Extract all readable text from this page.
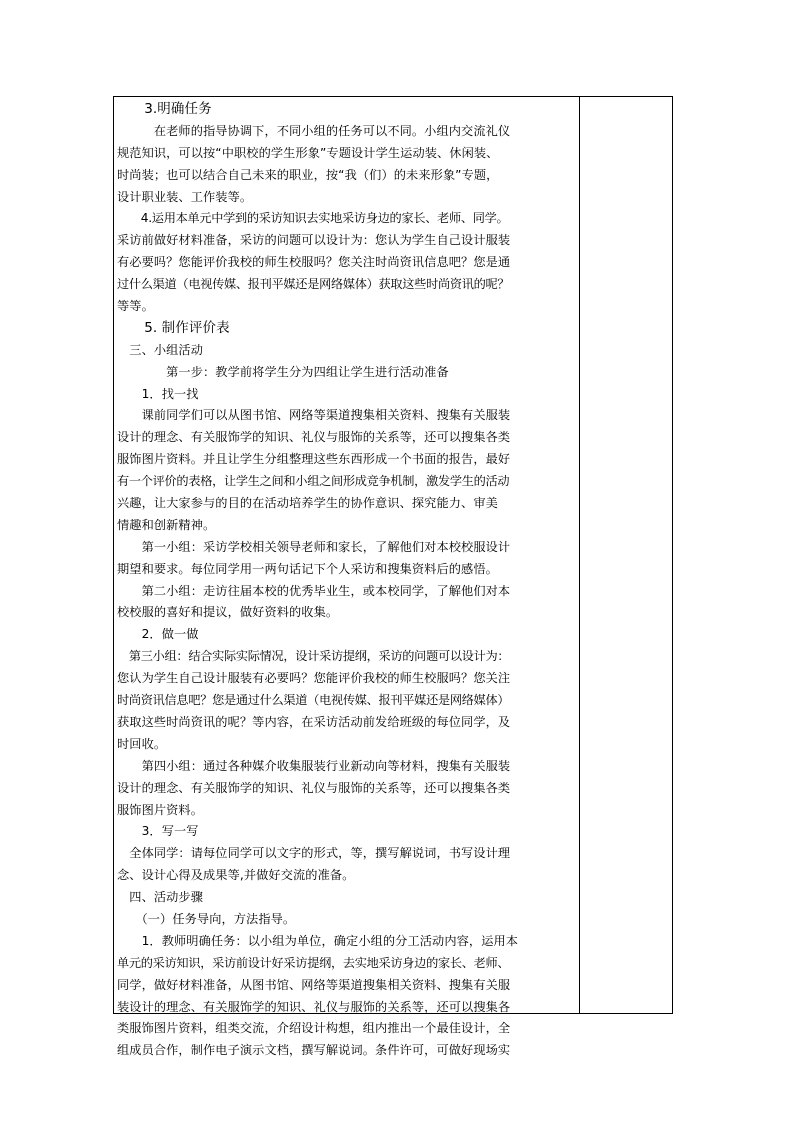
　　3.明确任务
　　　在老师的指导协调下，不同小组的任务可以不同。小组内交流礼仪
规范知识，可以按“中职校的学生形象”专题设计学生运动装、休闲装、
时尚装；也可以结合自己未来的职业，按“我（们）的未来形象”专题，
设计职业装、工作装等。
　　4.运用本单元中学到的采访知识去实地采访身边的家长、老师、同学。
采访前做好材料准备，采访的问题可以设计为：您认为学生自己设计服装
有必要吗？您能评价我校的师生校服吗？您关注时尚资讯信息吧？您是通
过什么渠道（电视传媒、报刊平媒还是网络媒体）获取这些时尚资讯的呢？
等等。
　　5. 制作评价表
　三、小组活动
　　　　第一步：教学前将学生分为四组让学生进行活动准备
　　1．找一找
　　课前同学们可以从图书馆、网络等渠道搜集相关资料、搜集有关服装
设计的理念、有关服饰学的知识、礼仪与服饰的关系等，还可以搜集各类
服饰图片资料。并且让学生分组整理这些东西形成一个书面的报告，最好
有一个评价的表格，让学生之间和小组之间形成竞争机制，激发学生的活动
兴趣，让大家参与的目的在活动培养学生的协作意识、探究能力、审美
情趣和创新精神。
　　第一小组：采访学校相关领导老师和家长，了解他们对本校校服设计
期望和要求。每位同学用一两句话记下个人采访和搜集资料后的感悟。
　　第二小组：走访往届本校的优秀毕业生，或本校同学，了解他们对本
校校服的喜好和提议，做好资料的收集。
　　2．做一做
　第三小组：结合实际实际情况，设计采访提纲，采访的问题可以设计为：
您认为学生自己设计服装有必要吗？您能评价我校的师生校服吗？您关注
时尚资讯信息吧？您是通过什么渠道（电视传媒、报刊平媒还是网络媒体）
获取这些时尚资讯的呢？等内容，在采访活动前发给班级的每位同学，及
时回收。
　　第四小组：通过各种媒介收集服装行业新动向等材料，搜集有关服装
设计的理念、有关服饰学的知识、礼仪与服饰的关系等，还可以搜集各类
服饰图片资料。
　　3．写一写
　全体同学：请每位同学可以文字的形式，等，撰写解说词，书写设计理
念、设计心得及成果等,并做好交流的准备。
　四、活动步骤
　　（一）任务导向，方法指导。
　　1．教师明确任务：以小组为单位，确定小组的分工活动内容，运用本
单元的采访知识，采访前设计好采访提纲，去实地采访身边的家长、老师、
同学，做好材料准备，从图书馆、网络等渠道搜集相关资料、搜集有关服
装设计的理念、有关服饰学的知识、礼仪与服饰的关系等，还可以搜集各
类服饰图片资料，组类交流，介绍设计构想，组内推出一个最佳设计，全
组成员合作，制作电子演示文档，撰写解说词。条件许可，可做好现场实
